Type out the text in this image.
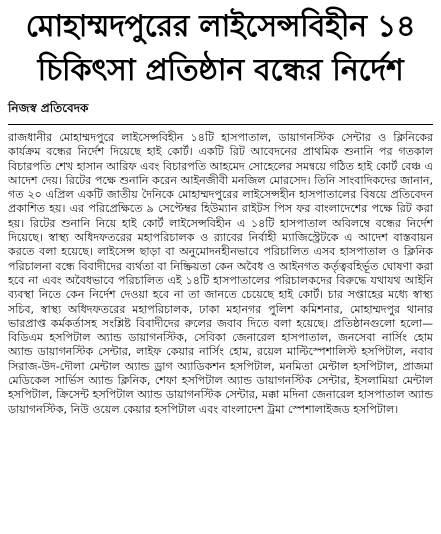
মোহাম্মদপুরের লাইসেন্সবিহীন ১৪
চিকিৎসা প্রতিষ্ঠান বন্ধের নির্দেশ
নিজস্ব প্রতিবেদক

রাজধানীর মোহাম্মদপুরে লাইসেন্সবিহীন ১৪টি হাসপাতাল, ডায়াগনস্টিক সেন্টার ও ক্লিনিকের কার্যক্রম বন্ধের নির্দেশ দিয়েছে হাই কোর্ট। একটি রিট আবেদনের প্রাথমিক শুনানি পর গতকাল বিচারপতি শেখ হাসান আরিফ এবং বিচারপতি আহমেদ সোহেলের সমন্বয়ে গঠিত হাই কোর্ট বেঞ্চ এ আদেশ দেয়। রিটের পক্ষে শুনানি করেন আইনজীবী মনজিল মোরসেদ। তিনি সাংবাদিকদের জানান, গত ২০ এপ্রিল একটি জাতীয় দৈনিকে মোহাম্মদপুরের লাইসেন্সহীন হাসপাতালের বিষয়ে প্রতিবেদন প্রকাশিত হয়। এর পরিপ্রেক্ষিতে ৯ সেপ্টেম্বর হিউম্যান রাইটস পিস ফর বাংলাদেশের পক্ষে রিট করা হয়। রিটের শুনানি নিয়ে হাই কোর্ট লাইসেন্সবিহীন এ ১৪টি হাসপাতাল অবিলম্বে বন্ধের নির্দেশ দিয়েছে। স্বাস্থ্য অধিদফতরের মহাপরিচালক ও র‍্যাবের নির্বাহী ম্যাজিস্ট্রেটকে এ আদেশ বাস্তবায়ন করতে বলা হয়েছে। লাইসেন্স ছাড়া বা অনুমোদনহীনভাবে পরিচালিত এসব হাসপাতাল ও ক্লিনিক পরিচালনা বন্ধে বিবাদীদের ব্যর্থতা বা নিষ্ক্রিয়তা কেন অবৈধ ও আইনগত কর্তৃত্ববহির্ভূত ঘোষণা করা হবে না এবং অবৈধভাবে পরিচালিত এই ১৪টি হাসপাতালের পরিচালকদের বিরুদ্ধে যথাযথ আইনি ব্যবস্থা নিতে কেন নির্দেশ দেওয়া হবে না তা জানতে চেয়েছে হাই কোর্ট। চার সপ্তাহের মধ্যে স্বাস্থ্য সচিব, স্বাস্থ্য অধিদফতরের মহাপরিচালক, ঢাকা মহানগর পুলিশ কমিশনার, মোহাম্মদপুর থানার ভারপ্রাপ্ত কর্মকর্তাসহ সংশ্লিষ্ট বিবাদীদের রুলের জবাব দিতে বলা হয়েছে। প্রতিষ্ঠানগুলো হলো— বিডিএম হসপিটাল অ্যান্ড ডায়াগনস্টিক, সেবিকা জেনারেল হাসপাতাল, জনসেবা নার্সিং হোম অ্যান্ড ডায়াগনস্টিক সেন্টার, লাইফ কেয়ার নার্সিং হোম, রয়েল মাল্টিস্পেশালিস্ট হসপিটাল, নবাব সিরাজ-উদ-দৌলা মেন্টাল অ্যান্ড ড্রাগ অ্যাডিকশন হসপিটাল, মনমিতা মেন্টাল হসপিটাল, প্রাজমা মেডিকেল সার্ভিস অ্যান্ড ক্লিনিক, শেফা হসপিটাল অ্যান্ড ডায়াগনস্টিক সেন্টার, ইসলামিয়া মেন্টাল হসপিটাল, ক্রিসেন্ট হসপিটাল অ্যান্ড ডায়াগনস্টিক সেন্টার, মক্কা মদিনা জেনারেল হাসপাতাল অ্যান্ড ডায়াগনস্টিক, নিউ ওয়েল কেয়ার হসপিটাল এবং বাংলাদেশ ট্রমা স্পেশালাইজড হসপিটাল।
